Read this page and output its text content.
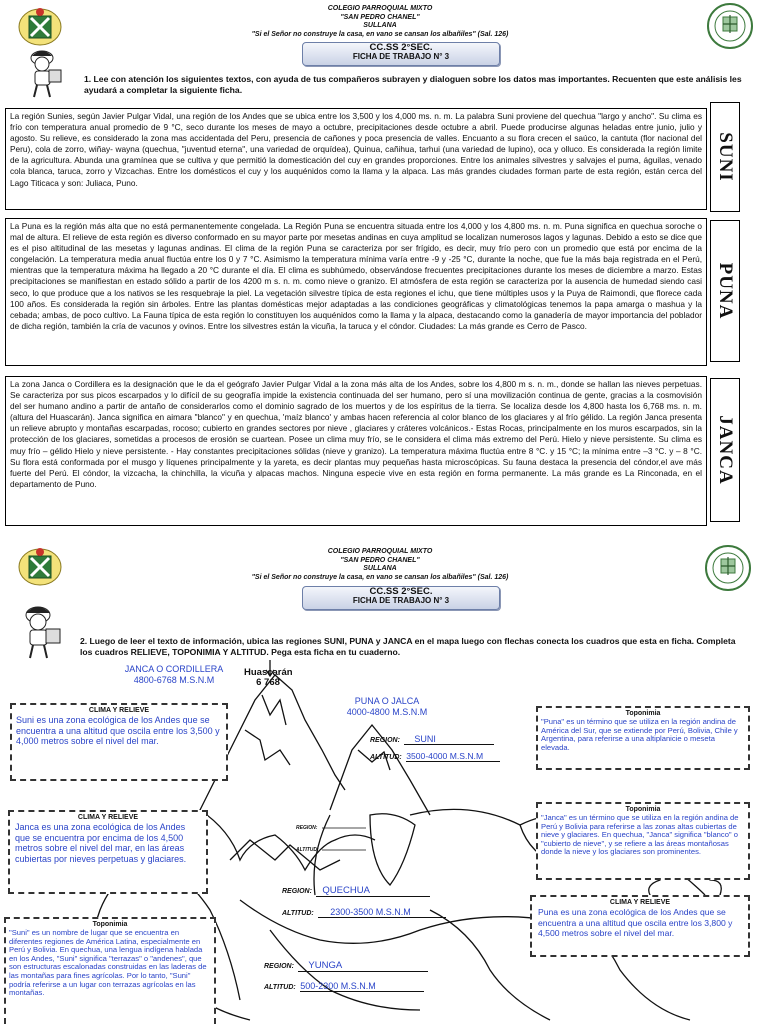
COLEGIO PARROQUIAL MIXTO
"SAN PEDRO CHANEL"
SULLANA
"Si el Señor no construye la casa, en vano se cansan los albañiles" (Sal. 126)
CC.SS 2°SEC.
FICHA DE TRABAJO N° 3
1. Lee con atención los siguientes textos, con ayuda de tus compañeros subrayen y dialoguen sobre los datos mas importantes. Recuenten que este análisis les ayudará a completar la siguiente ficha.
La región Sunies, según Javier Pulgar Vidal, una región de los Andes que se ubica entre los 3,500 y los 4,000 ms. n. m. La palabra Suni proviene del quechua "largo y ancho". Su clima es frío con temperatura anual promedio de 9 °C, seco durante los meses de mayo a octubre, precipitaciones desde octubre a abril. Puede producirse algunas heladas entre junio, julio y agosto. Su relieve, es considerado la zona mas accidentada del Peru, presencia de cañones y poca presencia de valles. Encuanto a su flora crecen el saúco, la cantuta (flor nacional del Peru), cola de zorro, wiñay- wayna (quechua, "juventud eterna", una variedad de orquídea), Quinua, cañihua, tarhui (una variedad de lupino), oca y olluco. Es considerada la región limite de la agricultura. Abunda una gramínea que se cultiva y que permitió la domesticación del cuy en grandes proporciones. Entre los animales silvestres y salvajes el puma, águilas, venado cola blanca, taruca, zorro y Vizcachas. Entre los domésticos el cuy y los auquénidos como la llama y la alpaca. Las más grandes ciudades forman parte de esta región, están cerca del Lago Titicaca y son: Juliaca, Puno.
SUNI
La Puna es la región más alta que no está permanentemente congelada. La Región Puna se encuentra situada entre los 4,000 y los 4,800 ms. n. m. Puna significa en quechua soroche o mal de altura. El relieve de esta región es diverso conformado en su mayor parte por mesetas andinas en cuya amplitud se localizan numerosos lagos y lagunas. Debido a esto se dice que es el piso altitudinal de las mesetas y lagunas andinas. El clima de la región Puna se caracteriza por ser frígido, es decir, muy frío pero con un promedio que está por encima de la congelación. La temperatura media anual fluctúa entre los 0 y 7 °C. Asimismo la temperatura mínima varía entre -9 y -25 °C, durante la noche, que fue la más baja registrada en el Perú, mientras que la temperatura máxima ha llegado a 20 °C durante el día. El clima es subhúmedo, observándose frecuentes precipitaciones durante los meses de diciembre a marzo. Estas precipitaciones se manifiestan en estado sólido a partir de los 4200 m s. n. m. como nieve o granizo. El atmósfera de esta región se caracteriza por la ausencia de humedad siendo casi seco, lo que produce que a los nativos se les resquebraje la piel. La vegetación silvestre típica de esta regiones el ichu, que tiene múltiples usos y la Puya de Raimondi, que florece cada 100 años. Es considerada la región sin árboles. Entre las plantas domésticas mejor adaptadas a las condiciones geográficas y climatológicas tenemos la papa amarga o mashua y la cebada; ambas, de poco cultivo. La Fauna típica de esta región lo constituyen los auquénidos como la llama y la alpaca, destacando como la ganadería de mayor importancia del poblador de dicha región, también la cría de vacunos y ovinos. Entre los silvestres están la vicuña, la taruca y el cóndor. Ciudades: La más grande es Cerro de Pasco.
PUNA
La zona Janca o Cordillera es la designación que le da el geógrafo Javier Pulgar Vidal a la zona más alta de los Andes, sobre los 4,800 m s. n. m., donde se hallan las nieves perpetuas. Se caracteriza por sus picos escarpados y lo difícil de su geografía impide la existencia continuada del ser humano, pero sí una movilización continua de gente, gracias a la cosmovisión del ser humano andino a partir de antaño de considerarlos como el dominio sagrado de los muertos y de los espíritus de la tierra. Se localiza desde los 4,800 hasta los 6,768 ms. n. m. (altura del Huascarán). Janca significa en aimara "blanco" y en quechua, 'maíz blanco' y ambas hacen referencia al color blanco de los glaciares y al frío gélido. La región Janca presenta un relieve abrupto y montañas escarpadas, rocoso; cubierto en grandes sectores por nieve , glaciares y cráteres volcánicos.- Estas Rocas, principalmente en los muros escarpados, sin la protección de los glaciares, sometidas a procesos de erosión se cuartean. Posee un clima muy frío, se le considera el clima más extremo del Perú. Hielo y nieve persistente. Su clima es muy frío – gélido Hielo y nieve persistente. - Hay constantes precipitaciones sólidas (nieve y granizo). La temperatura máxima fluctúa entre 8 °C. y 15 °C; la mínima entre –3 °C. y – 8 °C. Su flora está conformada por el musgo y líquenes principalmente y la yareta, es decir plantas muy pequeñas hasta microscópicas. Su fauna destaca la presencia del cóndor,el ave más fuerte del Perú. El cóndor, la vizcacha, la chinchilla, la vicuña y alpacas machos. Ninguna especie vive en esta región en forma permanente. La más grande es La Rinconada, en el departamento de Puno.	JANCA
COLEGIO PARROQUIAL MIXTO
"SAN PEDRO CHANEL"
SULLANA
"Si el Señor no construye la casa, en vano se cansan los albañiles" (Sal. 126)
CC.SS 2°SEC.
FICHA DE TRABAJO N° 3
2. Luego de leer el texto de información, ubica las regiones SUNI, PUNA y JANCA en el mapa luego con flechas conecta los cuadros que esta en ficha. Completa los cuadros RELIEVE, TOPONIMIA Y ALTITUD. Pega esta ficha en tu cuaderno.
JANCA O CORDILLERA
4800-6768 M.S.N.M
Huascarán
6 768
PUNA O JALCA
4000-4800 M.S.N.M
REGION: SUNI
ALTITUD: 3500-4000 M.S.N.M
REGION:
ALTITUD:
REGION: QUECHUA
ALTITUD: 2300-3500 M.S.N.M
REGION: YUNGA
ALTITUD: 500-2300 M.S.N.M
CLIMA Y RELIEVE
Suni es una zona ecológica de los Andes que se encuentra a una altitud que oscila entre los 3,500 y 4,000 metros sobre el nivel del mar.
CLIMA Y RELIEVE
Janca es una zona ecológica de los Andes que se encuentra por encima de los 4,500 metros sobre el nivel del mar, en las áreas cubiertas por nieves perpetuas y glaciares.
Toponimia
"Puna" es un término que se utiliza en la región andina de América del Sur, que se extiende por Perú, Bolivia, Chile y Argentina, para referirse a una altiplanicie o meseta elevada.
Toponimia
"Janca" es un término que se utiliza en la región andina de Perú y Bolivia para referirse a las zonas altas cubiertas de nieve y glaciares. En quechua, "Janca" significa "blanco" o "cubierto de nieve", y se refiere a las áreas montañosas donde la nieve y los glaciares son prominentes.
CLIMA Y RELIEVE
Puna es una zona ecológica de los Andes que se encuentra a una altitud que oscila entre los 3,800 y 4,500 metros sobre el nivel del mar.
Toponimia
"Suni" es un nombre de lugar que se encuentra en diferentes regiones de América Latina, especialmente en Perú y Bolivia. En quechua, una lengua indígena hablada en los Andes, "Suni" significa "terrazas" o "andenes", que son estructuras escalonadas construidas en las laderas de las montañas para fines agrícolas. Por lo tanto, "Suni" podría referirse a un lugar con terrazas agrícolas en las montañas.
